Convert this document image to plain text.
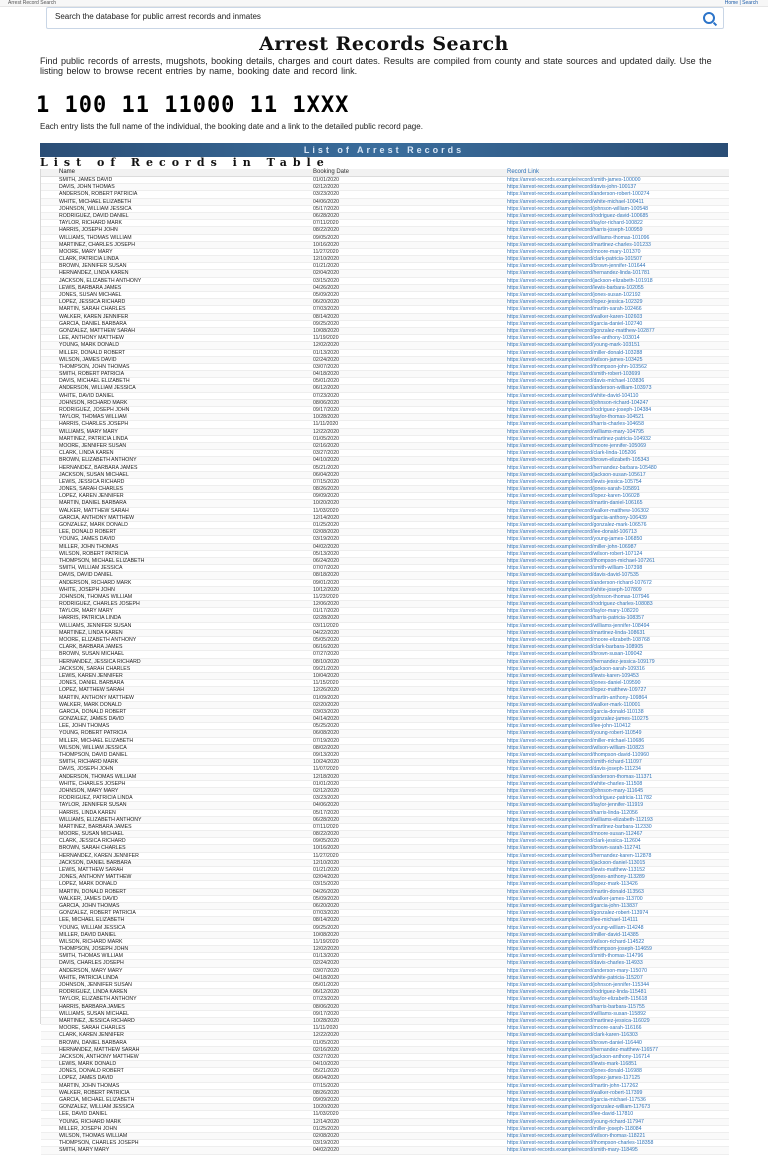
Arrest Record Search	Home | Search
Search the database for public arrest records and inmates
Arrest Records Search
Find public records of arrests, mugshots, booking details, charges and court dates. Results are compiled from county and state sources and updated daily. Use the listing below to browse recent entries by name, booking date and record link.
1 100 11 11000 11 1XXX
Each entry lists the full name of the individual, the booking date and a link to the detailed public record page.
List of Arrest Records
List of Records in Table
Name	Booking Date	Record Link
SMITH, JAMES DAVID	01/01/2020	https://arrest-records.example/record/smith-james-100000
DAVIS, JOHN THOMAS	02/12/2020	https://arrest-records.example/record/davis-john-100137
ANDERSON, ROBERT PATRICIA	03/23/2020	https://arrest-records.example/record/anderson-robert-100274
WHITE, MICHAEL ELIZABETH	04/06/2020	https://arrest-records.example/record/white-michael-100411
JOHNSON, WILLIAM JESSICA	05/17/2020	https://arrest-records.example/record/johnson-william-100548
RODRIGUEZ, DAVID DANIEL	06/28/2020	https://arrest-records.example/record/rodriguez-david-100685
TAYLOR, RICHARD MARK	07/11/2020	https://arrest-records.example/record/taylor-richard-100822
HARRIS, JOSEPH JOHN	08/22/2020	https://arrest-records.example/record/harris-joseph-100959
WILLIAMS, THOMAS WILLIAM	09/05/2020	https://arrest-records.example/record/williams-thomas-101096
MARTINEZ, CHARLES JOSEPH	10/16/2020	https://arrest-records.example/record/martinez-charles-101233
MOORE, MARY MARY	11/27/2020	https://arrest-records.example/record/moore-mary-101370
CLARK, PATRICIA LINDA	12/10/2020	https://arrest-records.example/record/clark-patricia-101507
BROWN, JENNIFER SUSAN	01/21/2020	https://arrest-records.example/record/brown-jennifer-101644
HERNANDEZ, LINDA KAREN	02/04/2020	https://arrest-records.example/record/hernandez-linda-101781
JACKSON, ELIZABETH ANTHONY	03/15/2020	https://arrest-records.example/record/jackson-elizabeth-101918
LEWIS, BARBARA JAMES	04/26/2020	https://arrest-records.example/record/lewis-barbara-102055
JONES, SUSAN MICHAEL	05/09/2020	https://arrest-records.example/record/jones-susan-102192
LOPEZ, JESSICA RICHARD	06/20/2020	https://arrest-records.example/record/lopez-jessica-102329
MARTIN, SARAH CHARLES	07/03/2020	https://arrest-records.example/record/martin-sarah-102466
WALKER, KAREN JENNIFER	08/14/2020	https://arrest-records.example/record/walker-karen-102603
GARCIA, DANIEL BARBARA	09/25/2020	https://arrest-records.example/record/garcia-daniel-102740
GONZALEZ, MATTHEW SARAH	10/08/2020	https://arrest-records.example/record/gonzalez-matthew-102877
LEE, ANTHONY MATTHEW	11/19/2020	https://arrest-records.example/record/lee-anthony-103014
YOUNG, MARK DONALD	12/02/2020	https://arrest-records.example/record/young-mark-103151
MILLER, DONALD ROBERT	01/13/2020	https://arrest-records.example/record/miller-donald-103288
WILSON, JAMES DAVID	02/24/2020	https://arrest-records.example/record/wilson-james-103425
THOMPSON, JOHN THOMAS	03/07/2020	https://arrest-records.example/record/thompson-john-103562
SMITH, ROBERT PATRICIA	04/18/2020	https://arrest-records.example/record/smith-robert-103699
DAVIS, MICHAEL ELIZABETH	05/01/2020	https://arrest-records.example/record/davis-michael-103836
ANDERSON, WILLIAM JESSICA	06/12/2020	https://arrest-records.example/record/anderson-william-103973
WHITE, DAVID DANIEL	07/23/2020	https://arrest-records.example/record/white-david-104110
JOHNSON, RICHARD MARK	08/06/2020	https://arrest-records.example/record/johnson-richard-104247
RODRIGUEZ, JOSEPH JOHN	09/17/2020	https://arrest-records.example/record/rodriguez-joseph-104384
TAYLOR, THOMAS WILLIAM	10/28/2020	https://arrest-records.example/record/taylor-thomas-104521
HARRIS, CHARLES JOSEPH	11/11/2020	https://arrest-records.example/record/harris-charles-104658
WILLIAMS, MARY MARY	12/22/2020	https://arrest-records.example/record/williams-mary-104795
MARTINEZ, PATRICIA LINDA	01/05/2020	https://arrest-records.example/record/martinez-patricia-104932
MOORE, JENNIFER SUSAN	02/16/2020	https://arrest-records.example/record/moore-jennifer-105069
CLARK, LINDA KAREN	03/27/2020	https://arrest-records.example/record/clark-linda-105206
BROWN, ELIZABETH ANTHONY	04/10/2020	https://arrest-records.example/record/brown-elizabeth-105343
HERNANDEZ, BARBARA JAMES	05/21/2020	https://arrest-records.example/record/hernandez-barbara-105480
JACKSON, SUSAN MICHAEL	06/04/2020	https://arrest-records.example/record/jackson-susan-105617
LEWIS, JESSICA RICHARD	07/15/2020	https://arrest-records.example/record/lewis-jessica-105754
JONES, SARAH CHARLES	08/26/2020	https://arrest-records.example/record/jones-sarah-105891
LOPEZ, KAREN JENNIFER	09/09/2020	https://arrest-records.example/record/lopez-karen-106028
MARTIN, DANIEL BARBARA	10/20/2020	https://arrest-records.example/record/martin-daniel-106165
WALKER, MATTHEW SARAH	11/03/2020	https://arrest-records.example/record/walker-matthew-106302
GARCIA, ANTHONY MATTHEW	12/14/2020	https://arrest-records.example/record/garcia-anthony-106439
GONZALEZ, MARK DONALD	01/25/2020	https://arrest-records.example/record/gonzalez-mark-106576
LEE, DONALD ROBERT	02/08/2020	https://arrest-records.example/record/lee-donald-106713
YOUNG, JAMES DAVID	03/19/2020	https://arrest-records.example/record/young-james-106850
MILLER, JOHN THOMAS	04/02/2020	https://arrest-records.example/record/miller-john-106987
WILSON, ROBERT PATRICIA	05/13/2020	https://arrest-records.example/record/wilson-robert-107124
THOMPSON, MICHAEL ELIZABETH	06/24/2020	https://arrest-records.example/record/thompson-michael-107261
SMITH, WILLIAM JESSICA	07/07/2020	https://arrest-records.example/record/smith-william-107398
DAVIS, DAVID DANIEL	08/18/2020	https://arrest-records.example/record/davis-david-107535
ANDERSON, RICHARD MARK	09/01/2020	https://arrest-records.example/record/anderson-richard-107672
WHITE, JOSEPH JOHN	10/12/2020	https://arrest-records.example/record/white-joseph-107809
JOHNSON, THOMAS WILLIAM	11/23/2020	https://arrest-records.example/record/johnson-thomas-107946
RODRIGUEZ, CHARLES JOSEPH	12/06/2020	https://arrest-records.example/record/rodriguez-charles-108083
TAYLOR, MARY MARY	01/17/2020	https://arrest-records.example/record/taylor-mary-108220
HARRIS, PATRICIA LINDA	02/28/2020	https://arrest-records.example/record/harris-patricia-108357
WILLIAMS, JENNIFER SUSAN	03/11/2020	https://arrest-records.example/record/williams-jennifer-108494
MARTINEZ, LINDA KAREN	04/22/2020	https://arrest-records.example/record/martinez-linda-108631
MOORE, ELIZABETH ANTHONY	05/05/2020	https://arrest-records.example/record/moore-elizabeth-108768
CLARK, BARBARA JAMES	06/16/2020	https://arrest-records.example/record/clark-barbara-108905
BROWN, SUSAN MICHAEL	07/27/2020	https://arrest-records.example/record/brown-susan-109042
HERNANDEZ, JESSICA RICHARD	08/10/2020	https://arrest-records.example/record/hernandez-jessica-109179
JACKSON, SARAH CHARLES	09/21/2020	https://arrest-records.example/record/jackson-sarah-109316
LEWIS, KAREN JENNIFER	10/04/2020	https://arrest-records.example/record/lewis-karen-109453
JONES, DANIEL BARBARA	11/15/2020	https://arrest-records.example/record/jones-daniel-109590
LOPEZ, MATTHEW SARAH	12/26/2020	https://arrest-records.example/record/lopez-matthew-109727
MARTIN, ANTHONY MATTHEW	01/09/2020	https://arrest-records.example/record/martin-anthony-109864
WALKER, MARK DONALD	02/20/2020	https://arrest-records.example/record/walker-mark-110001
GARCIA, DONALD ROBERT	03/03/2020	https://arrest-records.example/record/garcia-donald-110138
GONZALEZ, JAMES DAVID	04/14/2020	https://arrest-records.example/record/gonzalez-james-110275
LEE, JOHN THOMAS	05/25/2020	https://arrest-records.example/record/lee-john-110412
YOUNG, ROBERT PATRICIA	06/08/2020	https://arrest-records.example/record/young-robert-110549
MILLER, MICHAEL ELIZABETH	07/19/2020	https://arrest-records.example/record/miller-michael-110686
WILSON, WILLIAM JESSICA	08/02/2020	https://arrest-records.example/record/wilson-william-110823
THOMPSON, DAVID DANIEL	09/13/2020	https://arrest-records.example/record/thompson-david-110960
SMITH, RICHARD MARK	10/24/2020	https://arrest-records.example/record/smith-richard-111097
DAVIS, JOSEPH JOHN	11/07/2020	https://arrest-records.example/record/davis-joseph-111234
ANDERSON, THOMAS WILLIAM	12/18/2020	https://arrest-records.example/record/anderson-thomas-111371
WHITE, CHARLES JOSEPH	01/01/2020	https://arrest-records.example/record/white-charles-111508
JOHNSON, MARY MARY	02/12/2020	https://arrest-records.example/record/johnson-mary-111645
RODRIGUEZ, PATRICIA LINDA	03/23/2020	https://arrest-records.example/record/rodriguez-patricia-111782
TAYLOR, JENNIFER SUSAN	04/06/2020	https://arrest-records.example/record/taylor-jennifer-111919
HARRIS, LINDA KAREN	05/17/2020	https://arrest-records.example/record/harris-linda-112056
WILLIAMS, ELIZABETH ANTHONY	06/28/2020	https://arrest-records.example/record/williams-elizabeth-112193
MARTINEZ, BARBARA JAMES	07/11/2020	https://arrest-records.example/record/martinez-barbara-112330
MOORE, SUSAN MICHAEL	08/22/2020	https://arrest-records.example/record/moore-susan-112467
CLARK, JESSICA RICHARD	09/05/2020	https://arrest-records.example/record/clark-jessica-112604
BROWN, SARAH CHARLES	10/16/2020	https://arrest-records.example/record/brown-sarah-112741
HERNANDEZ, KAREN JENNIFER	11/27/2020	https://arrest-records.example/record/hernandez-karen-112878
JACKSON, DANIEL BARBARA	12/10/2020	https://arrest-records.example/record/jackson-daniel-113015
LEWIS, MATTHEW SARAH	01/21/2020	https://arrest-records.example/record/lewis-matthew-113152
JONES, ANTHONY MATTHEW	02/04/2020	https://arrest-records.example/record/jones-anthony-113289
LOPEZ, MARK DONALD	03/15/2020	https://arrest-records.example/record/lopez-mark-113426
MARTIN, DONALD ROBERT	04/26/2020	https://arrest-records.example/record/martin-donald-113563
WALKER, JAMES DAVID	05/09/2020	https://arrest-records.example/record/walker-james-113700
GARCIA, JOHN THOMAS	06/20/2020	https://arrest-records.example/record/garcia-john-113837
GONZALEZ, ROBERT PATRICIA	07/03/2020	https://arrest-records.example/record/gonzalez-robert-113974
LEE, MICHAEL ELIZABETH	08/14/2020	https://arrest-records.example/record/lee-michael-114111
YOUNG, WILLIAM JESSICA	09/25/2020	https://arrest-records.example/record/young-william-114248
MILLER, DAVID DANIEL	10/08/2020	https://arrest-records.example/record/miller-david-114385
WILSON, RICHARD MARK	11/19/2020	https://arrest-records.example/record/wilson-richard-114522
THOMPSON, JOSEPH JOHN	12/02/2020	https://arrest-records.example/record/thompson-joseph-114659
SMITH, THOMAS WILLIAM	01/13/2020	https://arrest-records.example/record/smith-thomas-114796
DAVIS, CHARLES JOSEPH	02/24/2020	https://arrest-records.example/record/davis-charles-114933
ANDERSON, MARY MARY	03/07/2020	https://arrest-records.example/record/anderson-mary-115070
WHITE, PATRICIA LINDA	04/18/2020	https://arrest-records.example/record/white-patricia-115207
JOHNSON, JENNIFER SUSAN	05/01/2020	https://arrest-records.example/record/johnson-jennifer-115344
RODRIGUEZ, LINDA KAREN	06/12/2020	https://arrest-records.example/record/rodriguez-linda-115481
TAYLOR, ELIZABETH ANTHONY	07/23/2020	https://arrest-records.example/record/taylor-elizabeth-115618
HARRIS, BARBARA JAMES	08/06/2020	https://arrest-records.example/record/harris-barbara-115755
WILLIAMS, SUSAN MICHAEL	09/17/2020	https://arrest-records.example/record/williams-susan-115892
MARTINEZ, JESSICA RICHARD	10/28/2020	https://arrest-records.example/record/martinez-jessica-116029
MOORE, SARAH CHARLES	11/11/2020	https://arrest-records.example/record/moore-sarah-116166
CLARK, KAREN JENNIFER	12/22/2020	https://arrest-records.example/record/clark-karen-116303
BROWN, DANIEL BARBARA	01/05/2020	https://arrest-records.example/record/brown-daniel-116440
HERNANDEZ, MATTHEW SARAH	02/16/2020	https://arrest-records.example/record/hernandez-matthew-116577
JACKSON, ANTHONY MATTHEW	03/27/2020	https://arrest-records.example/record/jackson-anthony-116714
LEWIS, MARK DONALD	04/10/2020	https://arrest-records.example/record/lewis-mark-116851
JONES, DONALD ROBERT	05/21/2020	https://arrest-records.example/record/jones-donald-116988
LOPEZ, JAMES DAVID	06/04/2020	https://arrest-records.example/record/lopez-james-117125
MARTIN, JOHN THOMAS	07/15/2020	https://arrest-records.example/record/martin-john-117262
WALKER, ROBERT PATRICIA	08/26/2020	https://arrest-records.example/record/walker-robert-117399
GARCIA, MICHAEL ELIZABETH	09/09/2020	https://arrest-records.example/record/garcia-michael-117536
GONZALEZ, WILLIAM JESSICA	10/20/2020	https://arrest-records.example/record/gonzalez-william-117673
LEE, DAVID DANIEL	11/03/2020	https://arrest-records.example/record/lee-david-117810
YOUNG, RICHARD MARK	12/14/2020	https://arrest-records.example/record/young-richard-117947
MILLER, JOSEPH JOHN	01/25/2020	https://arrest-records.example/record/miller-joseph-118084
WILSON, THOMAS WILLIAM	02/08/2020	https://arrest-records.example/record/wilson-thomas-118221
THOMPSON, CHARLES JOSEPH	03/19/2020	https://arrest-records.example/record/thompson-charles-118358
SMITH, MARY MARY	04/02/2020	https://arrest-records.example/record/smith-mary-118495
